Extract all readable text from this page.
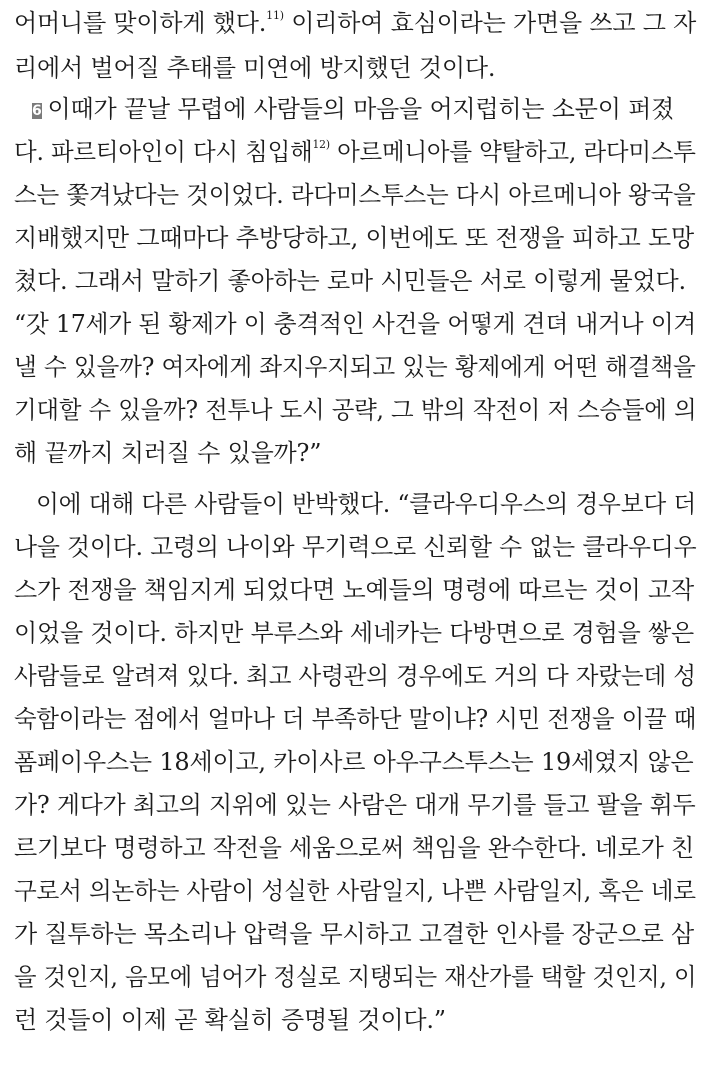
어머니를 맞이하게 했다.$^{11)}$ 이리하여 효심이라는 가면을 쓰고 그 자
리에서 벌어질 추태를 미연에 방지했던 것이다.
6 이때가 끝날 무렵에 사람들의 마음을 어지럽히는 소문이 퍼졌
다. 파르티아인이 다시 침입해$^{12)}$ 아르메니아를 약탈하고, 라다미스투
스는 쫓겨났다는 것이었다. 라다미스투스는 다시 아르메니아 왕국을
지배했지만 그때마다 추방당하고, 이번에도 또 전쟁을 피하고 도망
쳤다. 그래서 말하기 좋아하는 로마 시민들은 서로 이렇게 물었다.
“갓 17세가 된 황제가 이 충격적인 사건을 어떻게 견뎌 내거나 이겨
낼 수 있을까? 여자에게 좌지우지되고 있는 황제에게 어떤 해결책을
기대할 수 있을까? 전투나 도시 공략, 그 밖의 작전이 저 스승들에 의
해 끝까지 치러질 수 있을까?”
이에 대해 다른 사람들이 반박했다. “클라우디우스의 경우보다 더
나을 것이다. 고령의 나이와 무기력으로 신뢰할 수 없는 클라우디우
스가 전쟁을 책임지게 되었다면 노예들의 명령에 따르는 것이 고작
이었을 것이다. 하지만 부루스와 세네카는 다방면으로 경험을 쌓은
사람들로 알려져 있다. 최고 사령관의 경우에도 거의 다 자랐는데 성
숙함이라는 점에서 얼마나 더 부족하단 말이냐? 시민 전쟁을 이끌 때
폼페이우스는 18세이고, 카이사르 아우구스투스는 19세였지 않은
가? 게다가 최고의 지위에 있는 사람은 대개 무기를 들고 팔을 휘두
르기보다 명령하고 작전을 세움으로써 책임을 완수한다. 네로가 친
구로서 의논하는 사람이 성실한 사람일지, 나쁜 사람일지, 혹은 네로
가 질투하는 목소리나 압력을 무시하고 고결한 인사를 장군으로 삼
을 것인지, 음모에 넘어가 정실로 지탱되는 재산가를 택할 것인지, 이
런 것들이 이제 곧 확실히 증명될 것이다.”
